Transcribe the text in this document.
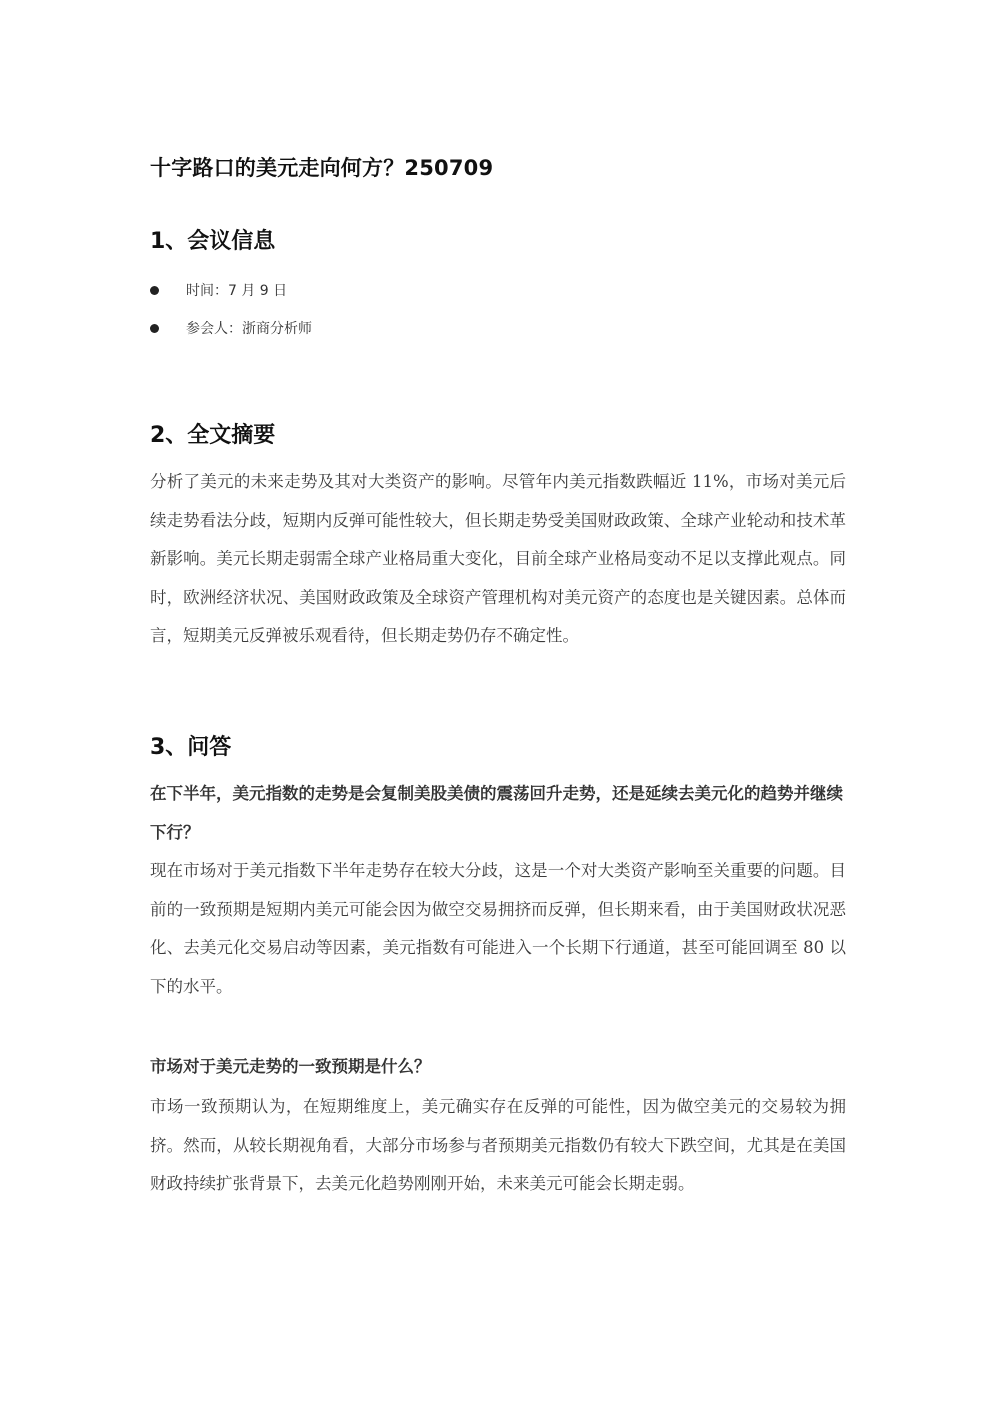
十字路口的美元走向何方？250709
1、会议信息
时间：7 月 9 日
参会人：浙商分析师
2、全文摘要

分析了美元的未来走势及其对大类资产的影响。尽管年内美元指数跌幅近 11%，市场对美元后续走势看法分歧，短期内反弹可能性较大，但长期走势受美国财政政策、全球产业轮动和技术革新影响。美元长期走弱需全球产业格局重大变化，目前全球产业格局变动不足以支撑此观点。同时，欧洲经济状况、美国财政政策及全球资产管理机构对美元资产的态度也是关键因素。总体而言，短期美元反弹被乐观看待，但长期走势仍存不确定性。

3、问答

在下半年，美元指数的走势是会复制美股美债的震荡回升走势，还是延续去美元化的趋势并继续下行？

现在市场对于美元指数下半年走势存在较大分歧，这是一个对大类资产影响至关重要的问题。目前的一致预期是短期内美元可能会因为做空交易拥挤而反弹，但长期来看，由于美国财政状况恶化、去美元化交易启动等因素，美元指数有可能进入一个长期下行通道，甚至可能回调至 80 以下的水平。

市场对于美元走势的一致预期是什么？

市场一致预期认为，在短期维度上，美元确实存在反弹的可能性，因为做空美元的交易较为拥挤。然而，从较长期视角看，大部分市场参与者预期美元指数仍有较大下跌空间，尤其是在美国财政持续扩张背景下，去美元化趋势刚刚开始，未来美元可能会长期走弱。
